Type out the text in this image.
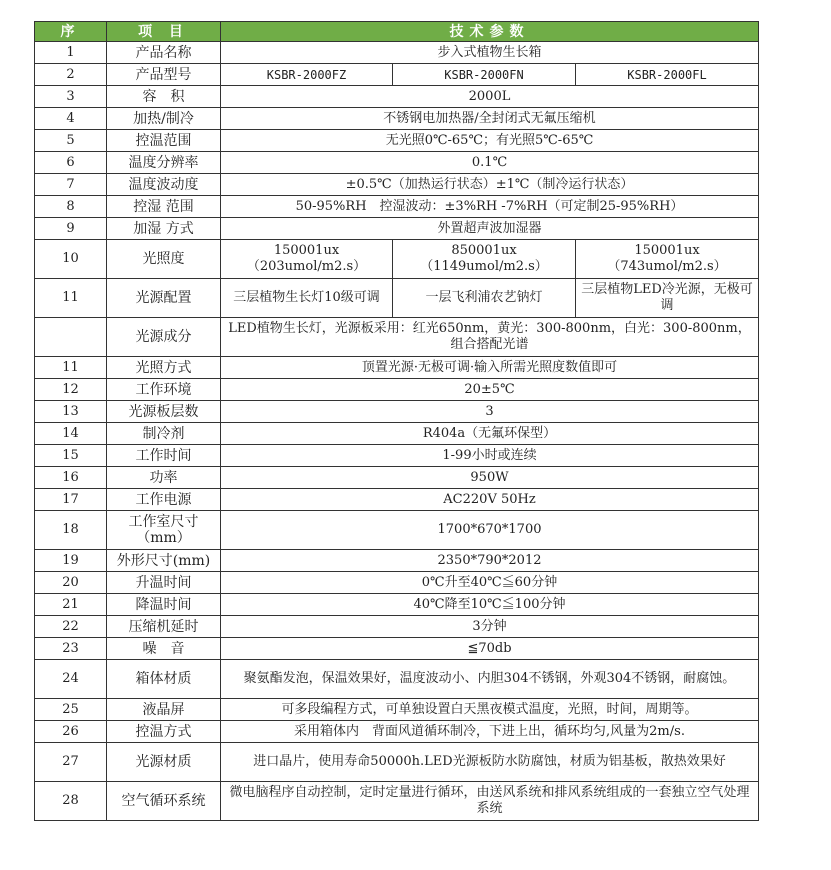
序	项 目	技术参数		
1	产品名称	步入式植物生长箱		
2	产品型号	KSBR-2000FZ	KSBR-2000FN	KSBR-2000FL
3	容　积	2000L		
4	加热/制冷	不锈钢电加热器/全封闭式无氟压缩机		
5	控温范围	无光照0℃-65℃；有光照5℃-65℃		
6	温度分辨率	0.1℃		
7	温度波动度	±0.5℃（加热运行状态）±1℃（制冷运行状态）		
8	控湿 范围	50-95%RH　控湿波动：±3%RH -7%RH（可定制25-95%RH）		
9	加湿 方式	外置超声波加湿器		
10	光照度	150001ux（203umol/m2.s）	850001ux（1149umol/m2.s）	150001ux（743umol/m2.s）
11	光源配置	三层植物生长灯10级可调	一层飞利浦农艺钠灯	三层植物LED冷光源，无极可调
	光源成分	LED植物生长灯，光源板采用：红光650nm，黄光：300-800nm，白光：300-800nm，组合搭配光谱		
11	光照方式	顶置光源·无极可调·输入所需光照度数值即可		
12	工作环境	20±5℃		
13	光源板层数	3		
14	制冷剂	R404a（无氟环保型）		
15	工作时间	1-99小时或连续		
16	功率	950W		
17	工作电源	AC220V 50Hz		
18	工作室尺寸（mm）	1700*670*1700		
19	外形尺寸(mm)	2350*790*2012		
20	升温时间	0℃升至40℃≦60分钟		
21	降温时间	40℃降至10℃≦100分钟		
22	压缩机延时	3分钟		
23	噪　音	≦70db		
24	箱体材质	聚氨酯发泡，保温效果好，温度波动小、内胆304不锈钢，外观304不锈钢，耐腐蚀。		
25	液晶屏	可多段编程方式，可单独设置白天黑夜模式温度，光照，时间，周期等。		
26	控温方式	采用箱体内　背面风道循环制冷，下进上出，循环均匀,风量为2m/s.		
27	光源材质	进口晶片，使用寿命50000h.LED光源板防水防腐蚀，材质为铝基板，散热效果好		
28	空气循环系统	微电脑程序自动控制，定时定量进行循环，由送风系统和排风系统组成的一套独立空气处理系统		
